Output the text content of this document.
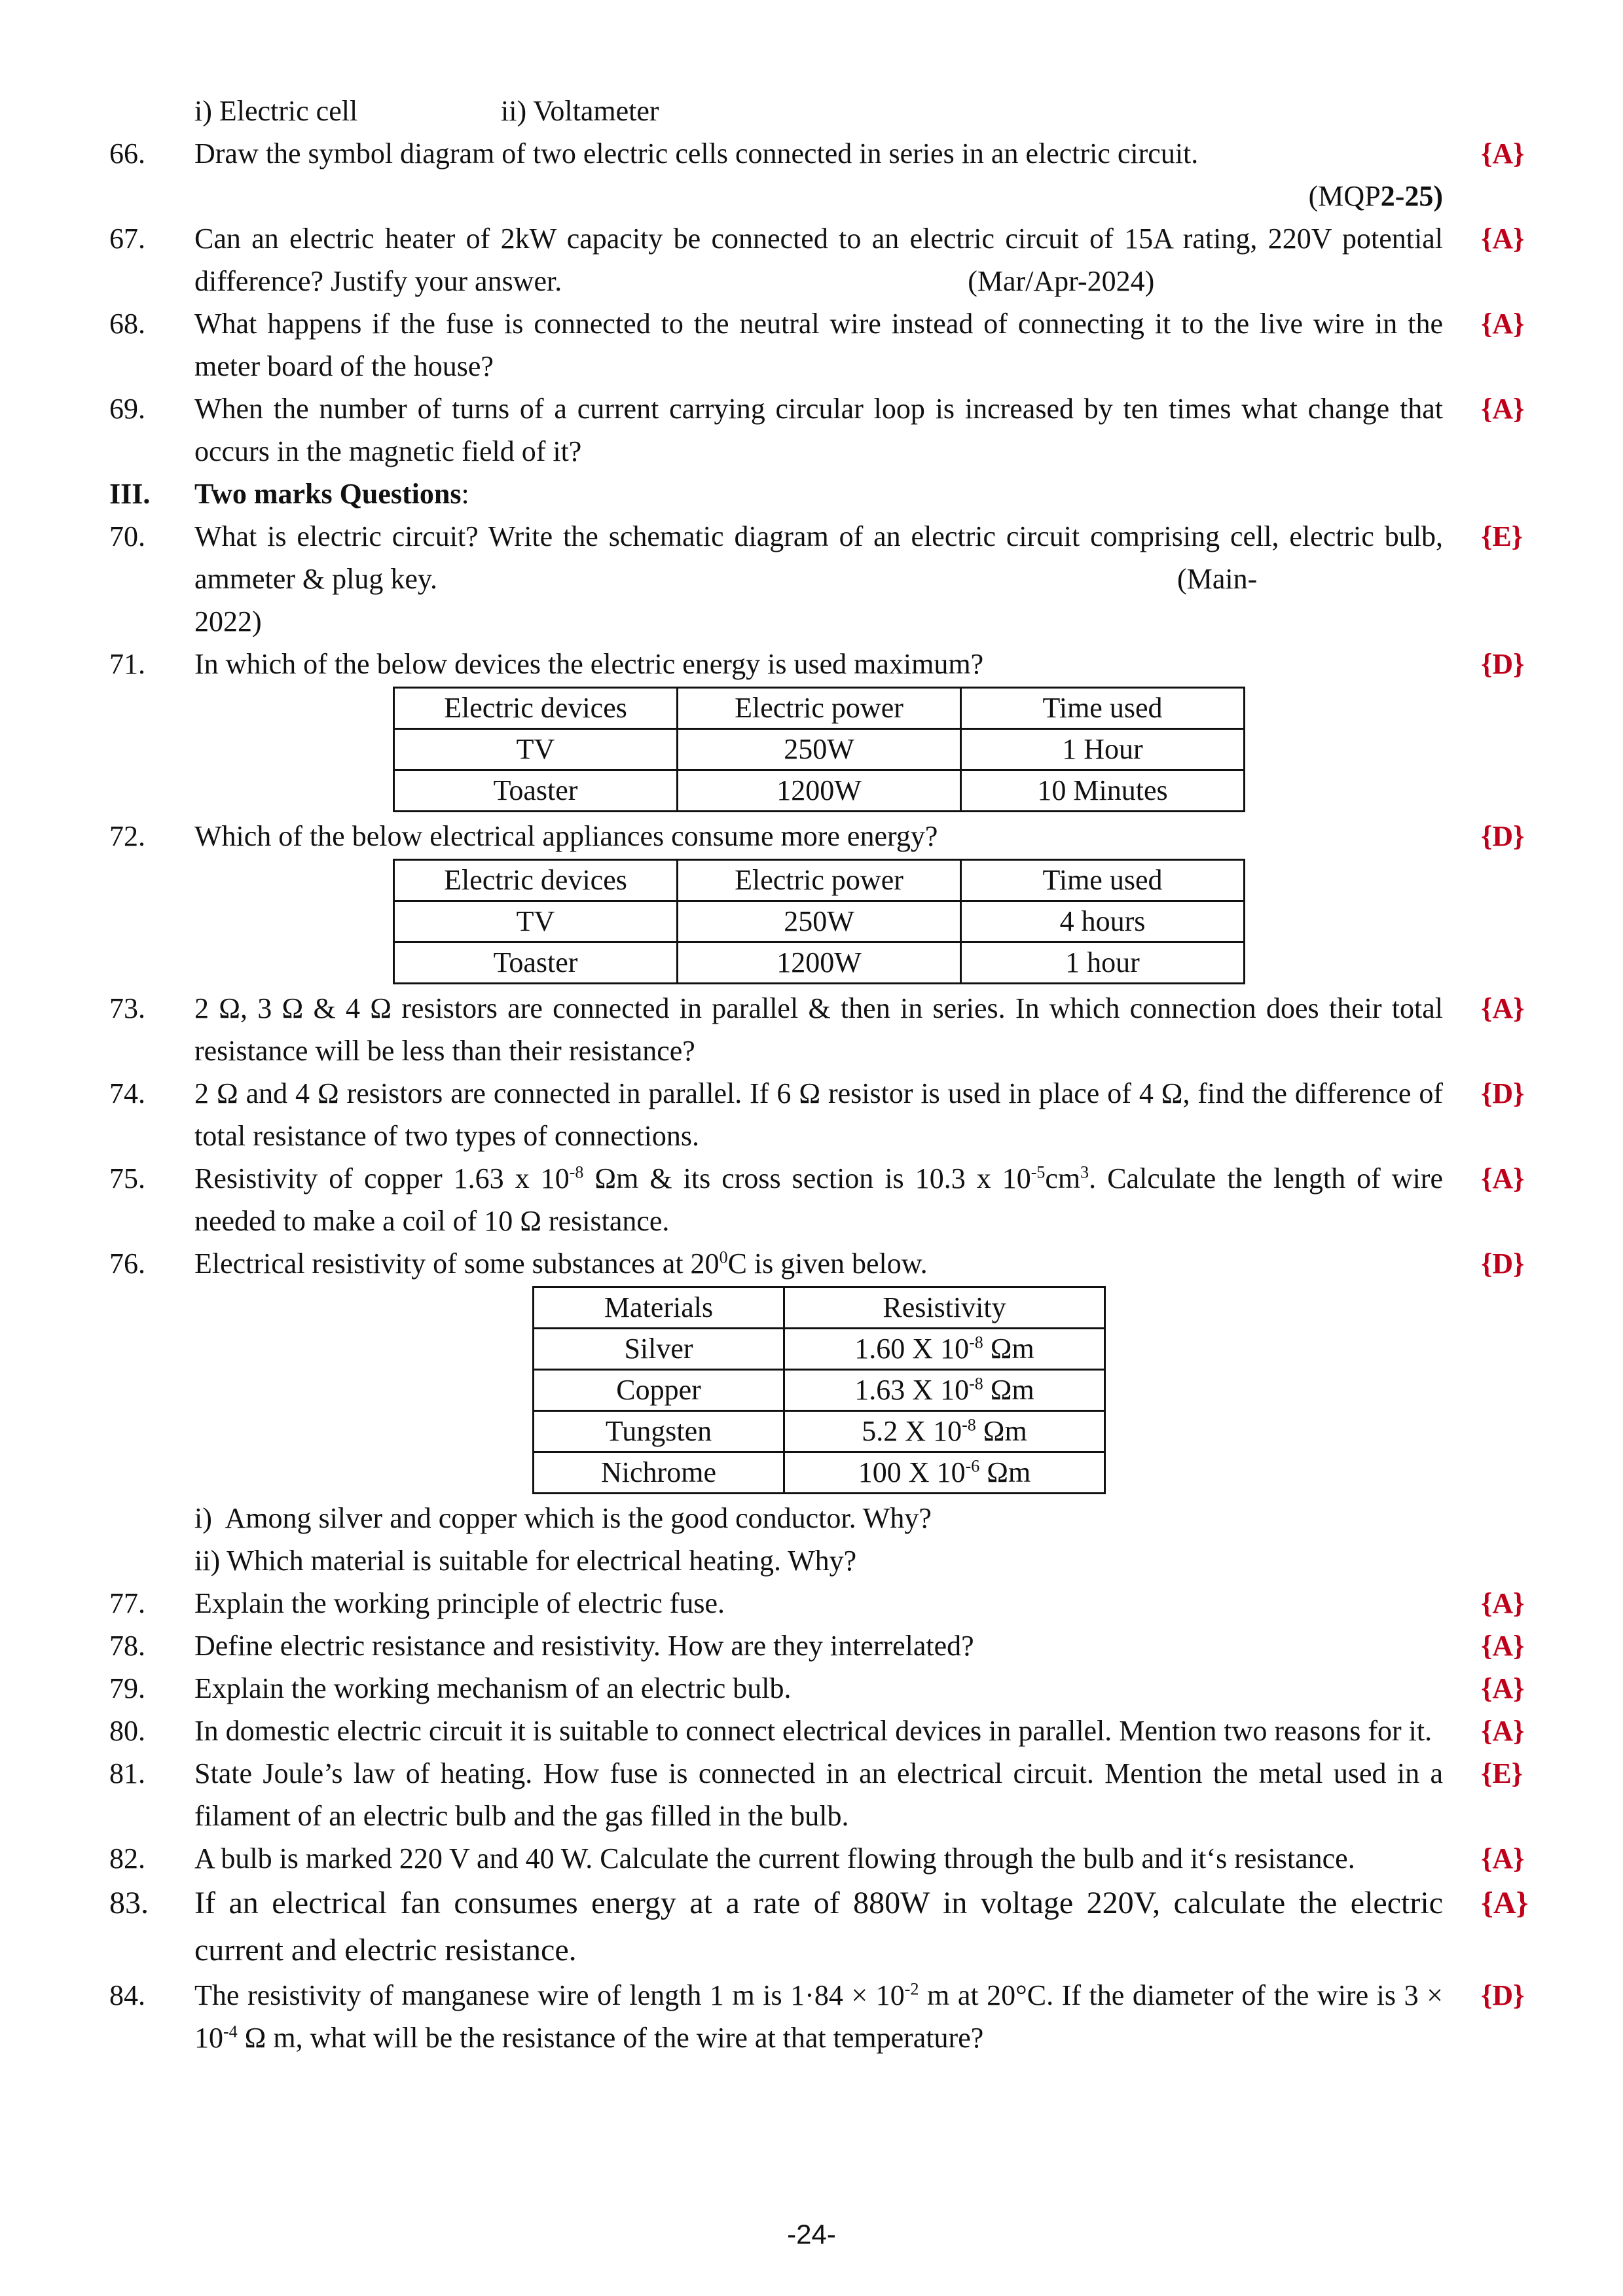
i) Electric cell	ii) Voltameter
66. Draw the symbol diagram of two electric cells connected in series in an electric circuit.	{A}
(MQP2-25)
67. Can an electric heater of 2kW capacity be connected to an electric circuit of 15A rating, 220V potential difference? Justify your answer.	(Mar/Apr-2024)
{A}
68. What happens if the fuse is connected to the neutral wire instead of connecting it to the live wire in the meter board of the house?
{A}
69. When the number of turns of a current carrying circular loop is increased by ten times what change that occurs in the magnetic field of it?
{A}
III. Two marks Questions:
70. What is electric circuit? Write the schematic diagram of an electric circuit comprising cell, electric bulb, ammeter & plug key.	(Main-
2022)
{E}
71. In which of the below devices the electric energy is used maximum?	{D}
Electric devices	Electric power	Time used
TV	250W	1 Hour
Toaster	1200W	10 Minutes
72. Which of the below electrical appliances consume more energy?	{D}
Electric devices	Electric power	Time used
TV	250W	4 hours
Toaster	1200W	1 hour
73. 2 Ω, 3 Ω & 4 Ω resistors are connected in parallel & then in series. In which connection does their total resistance will be less than their resistance?
{A}
74. 2 Ω and 4 Ω resistors are connected in parallel. If 6 Ω resistor is used in place of 4 Ω, find the difference of total resistance of two types of connections.
{D}
75. Resistivity of copper 1.63 x $10^{-8}$ Ωm & its cross section is 10.3 x $10^{-5}cm^3$. Calculate the length of wire needed to make a coil of 10 Ω resistance.
{A}
76. Electrical resistivity of some substances at $20^0C$ is given below.	{D}
Materials	Resistivity
Silver	1.60 X $10^{-8}$ Ωm
Copper	1.63 X $10^{-8}$ Ωm
Tungsten	5.2 X $10^{-8}$ Ωm
Nichrome	100 X $10^{-6}$ Ωm
i)  Among silver and copper which is the good conductor. Why?
ii) Which material is suitable for electrical heating. Why?
77. Explain the working principle of electric fuse.	{A}
78. Define electric resistance and resistivity. How are they interrelated?	{A}
79. Explain the working mechanism of an electric bulb.	{A}
80. In domestic electric circuit it is suitable to connect electrical devices in parallel. Mention two reasons for it.	{A}
81. State Joule’s law of heating. How fuse is connected in an electrical circuit. Mention the metal used in a filament of an electric bulb and the gas filled in the bulb.
{E}
82. A bulb is marked 220 V and 40 W. Calculate the current flowing through the bulb and it‘s resistance.	{A}
83. If an electrical fan consumes energy at a rate of 880W in voltage 220V, calculate the electric current and electric resistance.
{A}
84. The resistivity of manganese wire of length 1 m is $1\cdot 84 \times 10^{-2}$ m at 20°C. If the diameter of the wire is $3 \times 10^{-4}$ Ω m, what will be the resistance of the wire at that temperature?
{D}
-24-
